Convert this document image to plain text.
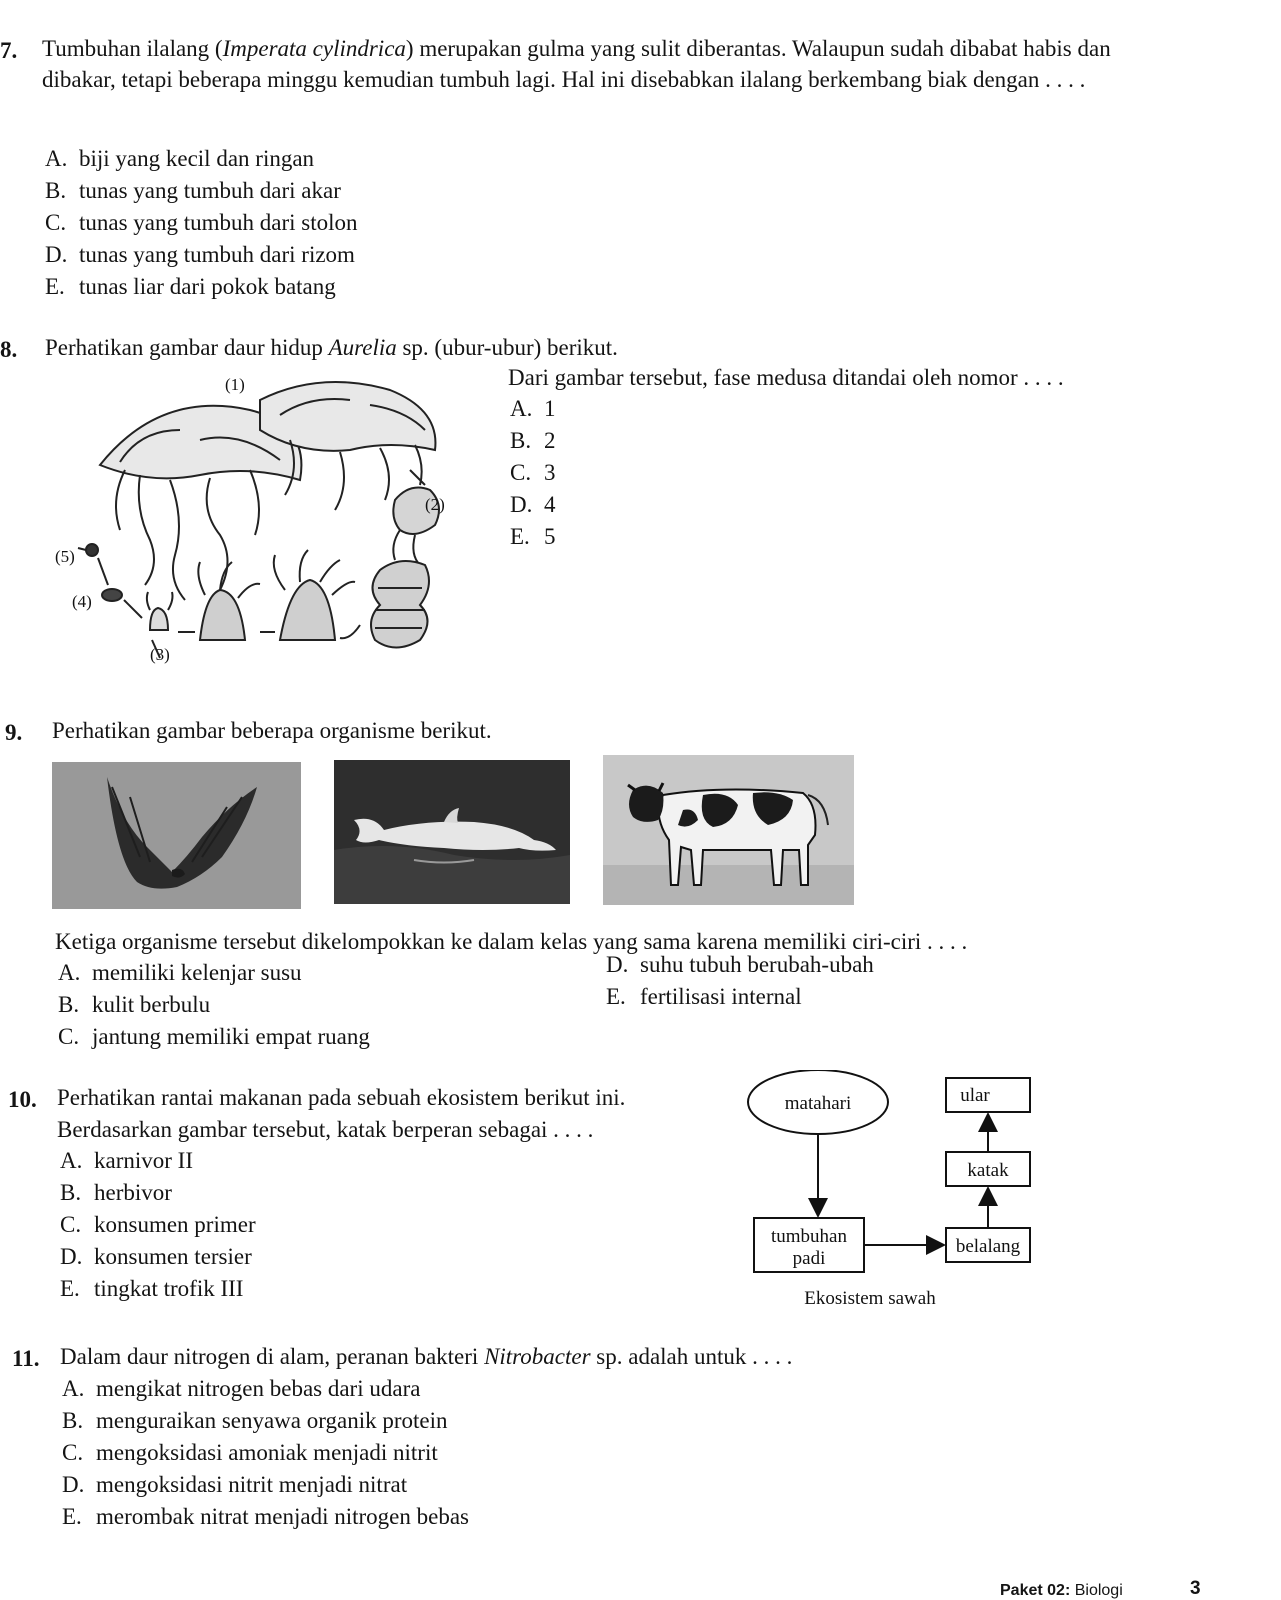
7. Tumbuhan ilalang (Imperata cylindrica) merupakan gulma yang sulit diberantas. Walaupun sudah dibabat habis dan dibakar, tetapi beberapa minggu kemudian tumbuh lagi. Hal ini disebabkan ilalang berkembang biak dengan . . . .
A. biji yang kecil dan ringan
B. tunas yang tumbuh dari akar
C. tunas yang tumbuh dari stolon
D. tunas yang tumbuh dari rizom
E. tunas liar dari pokok batang
8. Perhatikan gambar daur hidup Aurelia sp. (ubur-ubur) berikut.
Dari gambar tersebut, fase medusa ditandai oleh nomor . . . .
A. 1
B. 2
C. 3
D. 4
E. 5
(1)
(2)
(3)
(4)
(5)
9. Perhatikan gambar beberapa organisme berikut.
Ketiga organisme tersebut dikelompokkan ke dalam kelas yang sama karena memiliki ciri-ciri . . . .
A. memiliki kelenjar susu
B. kulit berbulu
C. jantung memiliki empat ruang
D. suhu tubuh berubah-ubah
E. fertilisasi internal
10. Perhatikan rantai makanan pada sebuah ekosistem berikut ini.
Berdasarkan gambar tersebut, katak berperan sebagai . . . .
A. karnivor II
B. herbivor
C. konsumen primer
D. konsumen tersier
E. tingkat trofik III
matahari
tumbuhan
padi
belalang
katak
ular
Ekosistem sawah
11. Dalam daur nitrogen di alam, peranan bakteri Nitrobacter sp. adalah untuk . . . .
A. mengikat nitrogen bebas dari udara
B. menguraikan senyawa organik protein
C. mengoksidasi amoniak menjadi nitrit
D. mengoksidasi nitrit menjadi nitrat
E. merombak nitrat menjadi nitrogen bebas
Paket 02: Biologi	3
